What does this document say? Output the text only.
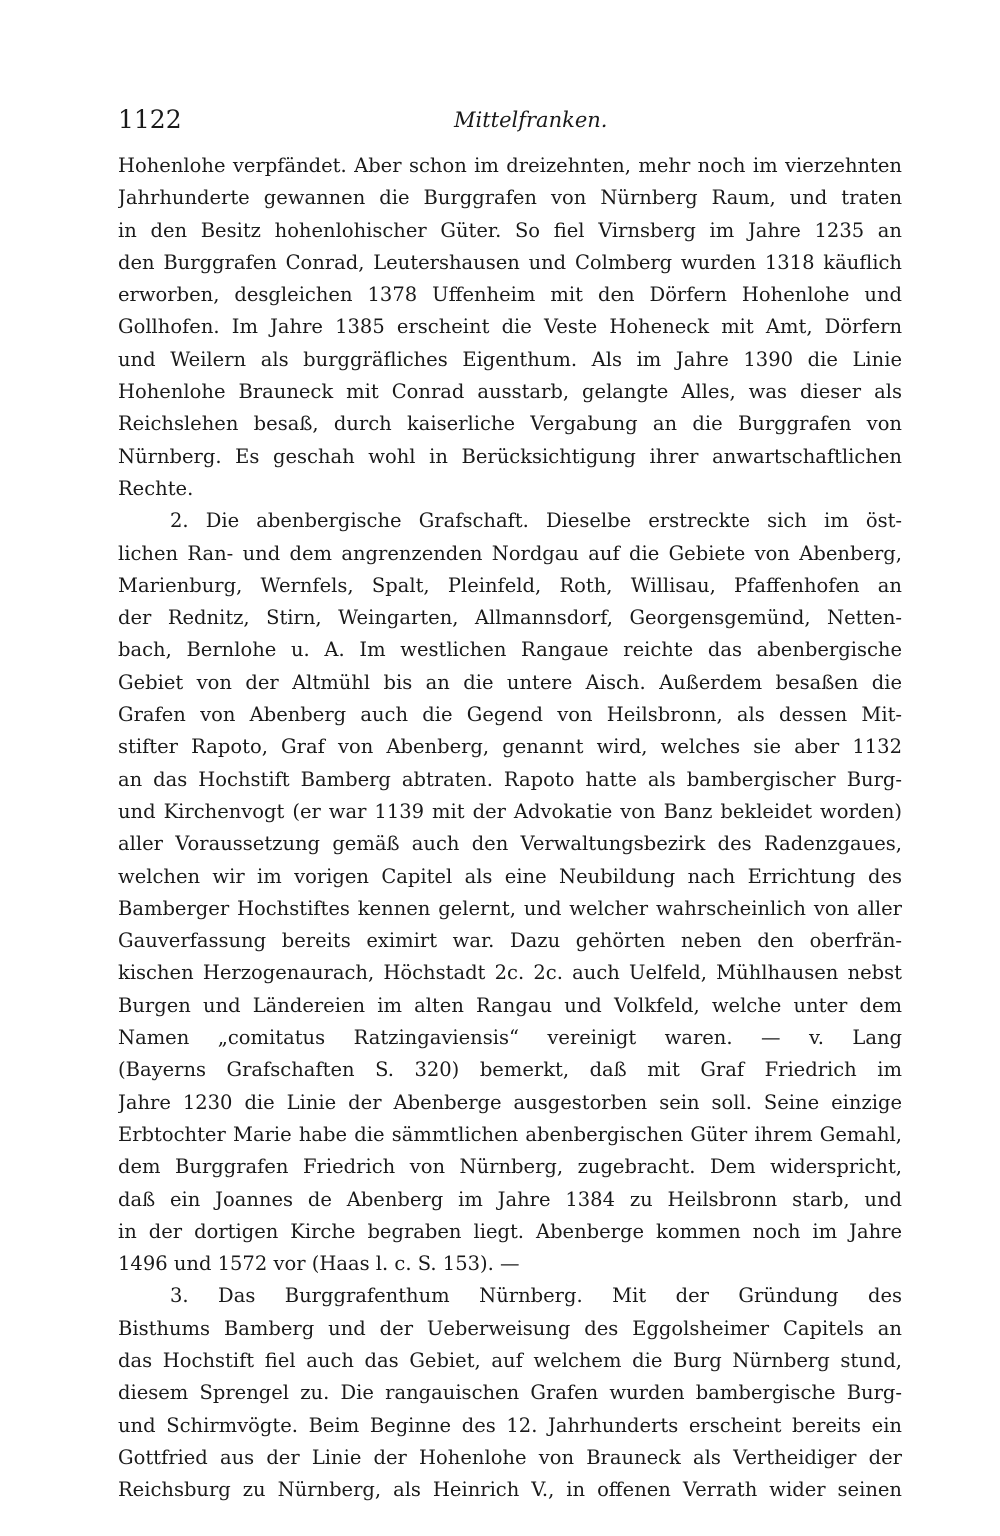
1122	Mittelfranken.
Hohenlohe verpfändet. Aber schon im dreizehnten, mehr noch im vierzehnten
Jahrhunderte gewannen die Burggrafen von Nürnberg Raum, und traten
in den Besitz hohenlohischer Güter. So fiel Virnsberg im Jahre 1235 an
den Burggrafen Conrad, Leutershausen und Colmberg wurden 1318 käuflich
erworben, desgleichen 1378 Uffenheim mit den Dörfern Hohenlohe und
Gollhofen. Im Jahre 1385 erscheint die Veste Hoheneck mit Amt, Dörfern
und Weilern als burggräfliches Eigenthum. Als im Jahre 1390 die Linie
Hohenlohe Brauneck mit Conrad ausstarb, gelangte Alles, was dieser als
Reichslehen besaß, durch kaiserliche Vergabung an die Burggrafen von
Nürnberg. Es geschah wohl in Berücksichtigung ihrer anwartschaftlichen
Rechte.
2. Die abenbergische Grafschaft. Dieselbe erstreckte sich im öst-
lichen Ran- und dem angrenzenden Nordgau auf die Gebiete von Abenberg,
Marienburg, Wernfels, Spalt, Pleinfeld, Roth, Willisau, Pfaffenhofen an
der Rednitz, Stirn, Weingarten, Allmannsdorf, Georgensgemünd, Netten-
bach, Bernlohe u. A. Im westlichen Rangaue reichte das abenbergische
Gebiet von der Altmühl bis an die untere Aisch. Außerdem besaßen die
Grafen von Abenberg auch die Gegend von Heilsbronn, als dessen Mit-
stifter Rapoto, Graf von Abenberg, genannt wird, welches sie aber 1132
an das Hochstift Bamberg abtraten. Rapoto hatte als bambergischer Burg-
und Kirchenvogt (er war 1139 mit der Advokatie von Banz bekleidet worden)
aller Voraussetzung gemäß auch den Verwaltungsbezirk des Radenzgaues,
welchen wir im vorigen Capitel als eine Neubildung nach Errichtung des
Bamberger Hochstiftes kennen gelernt, und welcher wahrscheinlich von aller
Gauverfassung bereits eximirt war. Dazu gehörten neben den oberfrän-
kischen Herzogenaurach, Höchstadt 2c. 2c. auch Uelfeld, Mühlhausen nebst
Burgen und Ländereien im alten Rangau und Volkfeld, welche unter dem
Namen „comitatus Ratzingaviensis“ vereinigt waren. — v. Lang
(Bayerns Grafschaften S. 320) bemerkt, daß mit Graf Friedrich im
Jahre 1230 die Linie der Abenberge ausgestorben sein soll. Seine einzige
Erbtochter Marie habe die sämmtlichen abenbergischen Güter ihrem Gemahl,
dem Burggrafen Friedrich von Nürnberg, zugebracht. Dem widerspricht,
daß ein Joannes de Abenberg im Jahre 1384 zu Heilsbronn starb, und
in der dortigen Kirche begraben liegt. Abenberge kommen noch im Jahre
1496 und 1572 vor (Haas l. c. S. 153). —
3. Das Burggrafenthum Nürnberg. Mit der Gründung des
Bisthums Bamberg und der Ueberweisung des Eggolsheimer Capitels an
das Hochstift fiel auch das Gebiet, auf welchem die Burg Nürnberg stund,
diesem Sprengel zu. Die rangauischen Grafen wurden bambergische Burg-
und Schirmvögte. Beim Beginne des 12. Jahrhunderts erscheint bereits ein
Gottfried aus der Linie der Hohenlohe von Brauneck als Vertheidiger der
Reichsburg zu Nürnberg, als Heinrich V., in offenen Verrath wider seinen
